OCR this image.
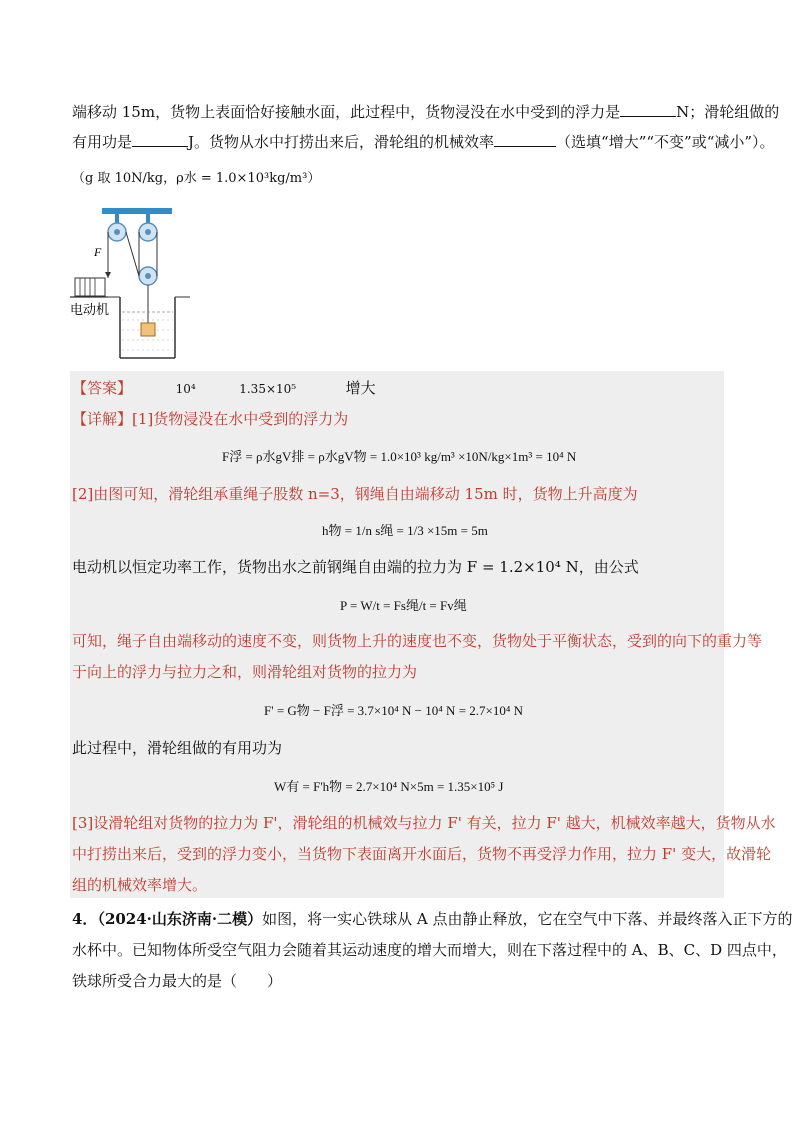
端移动 15m，货物上表面恰好接触水面，此过程中，货物浸没在水中受到的浮力是	N；滑轮组做的
有用功是	J。货物从水中打捞出来后，滑轮组的机械效率	（选填“增大”“不变”或“减小”）。
（g 取 10N/kg，ρ水 = 1.0×10³kg/m³）
F
电动机
【答案】	10⁴	1.35×10⁵	增大
【详解】[1]货物浸没在水中受到的浮力为
F浮 = ρ水gV排 = ρ水gV物 = 1.0×10³ kg/m³ ×10N/kg×1m³ = 10⁴ N
[2]由图可知，滑轮组承重绳子股数 n=3，钢绳自由端移动 15m 时，货物上升高度为
h物 = 1/n s绳 = 1/3 ×15m = 5m
电动机以恒定功率工作，货物出水之前钢绳自由端的拉力为 F = 1.2×10⁴ N，由公式
P = W/t = Fs绳/t = Fv绳
可知，绳子自由端移动的速度不变，则货物上升的速度也不变，货物处于平衡状态，受到的向下的重力等
于向上的浮力与拉力之和，则滑轮组对货物的拉力为
F' = G物 − F浮 = 3.7×10⁴ N − 10⁴ N = 2.7×10⁴ N
此过程中，滑轮组做的有用功为
W有 = F'h物 = 2.7×10⁴ N×5m = 1.35×10⁵ J
[3]设滑轮组对货物的拉力为 F'，滑轮组的机械效与拉力 F' 有关，拉力 F' 越大，机械效率越大，货物从水
中打捞出来后，受到的浮力变小，当货物下表面离开水面后，货物不再受浮力作用，拉力 F' 变大，故滑轮
组的机械效率增大。
4．（2024·山东济南·二模）如图，将一实心铁球从 A 点由静止释放，它在空气中下落、并最终落入正下方的
水杯中。已知物体所受空气阻力会随着其运动速度的增大而增大，则在下落过程中的 A、B、C、D 四点中，
铁球所受合力最大的是（　　）
